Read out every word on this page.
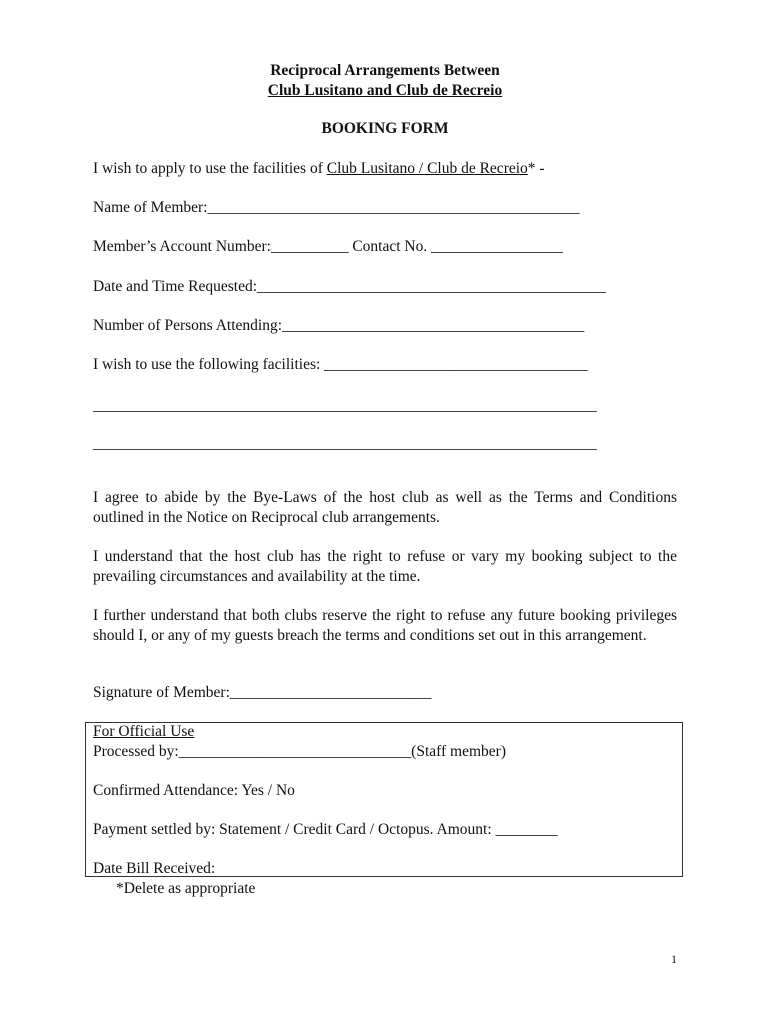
Reciprocal Arrangements Between
Club Lusitano and Club de Recreio
BOOKING FORM
I wish to apply to use the facilities of Club Lusitano / Club de Recreio* -
Name of Member:________________________________________________
Member’s Account Number:__________ Contact No. _________________
Date and Time Requested:_____________________________________________
Number of Persons Attending:_______________________________________
I wish to use the following facilities: __________________________________
_________________________________________________________________
_________________________________________________________________
I agree to abide by the Bye-Laws of the host club as well as the Terms and Conditions outlined in the Notice on Reciprocal club arrangements.
I understand that the host club has the right to refuse or vary my booking subject to the prevailing circumstances and availability at the time.
I further understand that both clubs reserve the right to refuse any future booking privileges should I, or any of my guests breach the terms and conditions set out in this arrangement.
Signature of Member:__________________________
For Official Use
Processed by:______________________________(Staff member)
Confirmed Attendance: Yes / No
Payment settled by: Statement / Credit Card / Octopus. Amount: ________
Date Bill Received:
*Delete as appropriate
1
